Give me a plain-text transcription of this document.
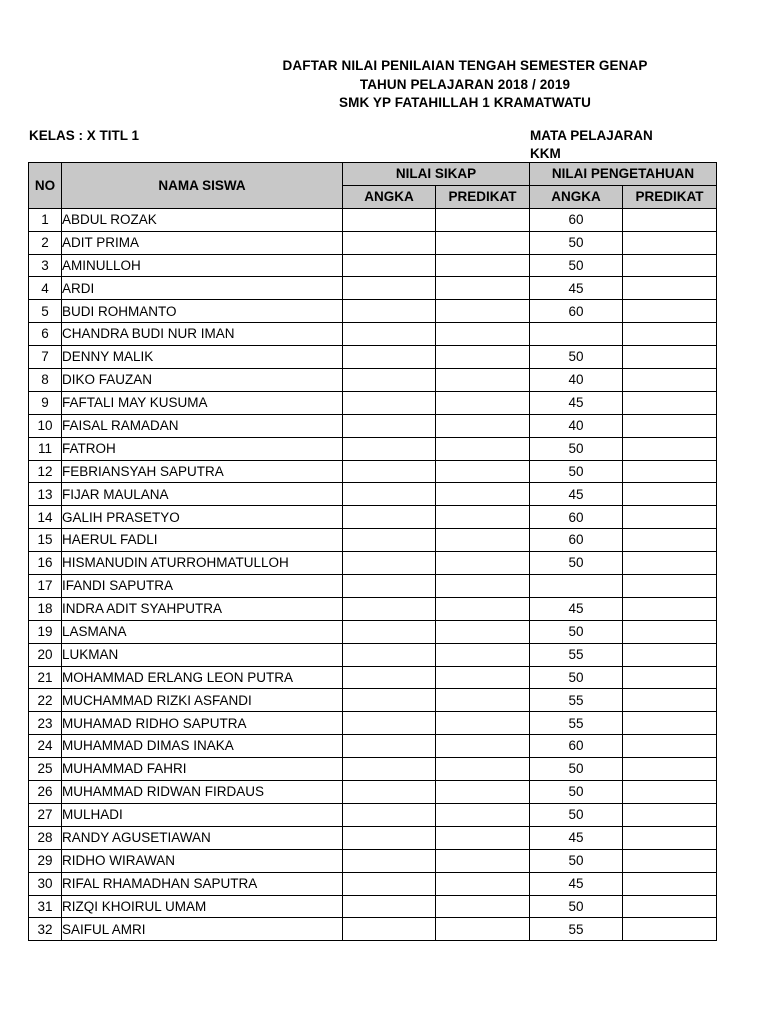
DAFTAR NILAI PENILAIAN TENGAH SEMESTER GENAP
TAHUN PELAJARAN 2018 / 2019
SMK YP FATAHILLAH 1 KRAMATWATU
KELAS : X TITL 1	MATA PELAJARAN
KKM
NO	NAMA SISWA	NILAI SIKAP		NILAI PENGETAHUAN	
		ANGKA	PREDIKAT	ANGKA	PREDIKAT
1	ABDUL ROZAK			60	
2	ADIT PRIMA			50	
3	AMINULLOH			50	
4	ARDI			45	
5	BUDI ROHMANTO			60	
6	CHANDRA BUDI NUR IMAN				
7	DENNY MALIK			50	
8	DIKO FAUZAN			40	
9	FAFTALI MAY KUSUMA			45	
10	FAISAL RAMADAN			40	
11	FATROH			50	
12	FEBRIANSYAH SAPUTRA			50	
13	FIJAR MAULANA			45	
14	GALIH PRASETYO			60	
15	HAERUL FADLI			60	
16	HISMANUDIN ATURROHMATULLOH			50	
17	IFANDI SAPUTRA				
18	INDRA ADIT SYAHPUTRA			45	
19	LASMANA			50	
20	LUKMAN			55	
21	MOHAMMAD ERLANG LEON PUTRA			50	
22	MUCHAMMAD RIZKI ASFANDI			55	
23	MUHAMAD RIDHO SAPUTRA			55	
24	MUHAMMAD DIMAS INAKA			60	
25	MUHAMMAD FAHRI			50	
26	MUHAMMAD RIDWAN FIRDAUS			50	
27	MULHADI			50	
28	RANDY AGUSETIAWAN			45	
29	RIDHO WIRAWAN			50	
30	RIFAL RHAMADHAN SAPUTRA			45	
31	RIZQI KHOIRUL UMAM			50	
32	SAIFUL AMRI			55	
